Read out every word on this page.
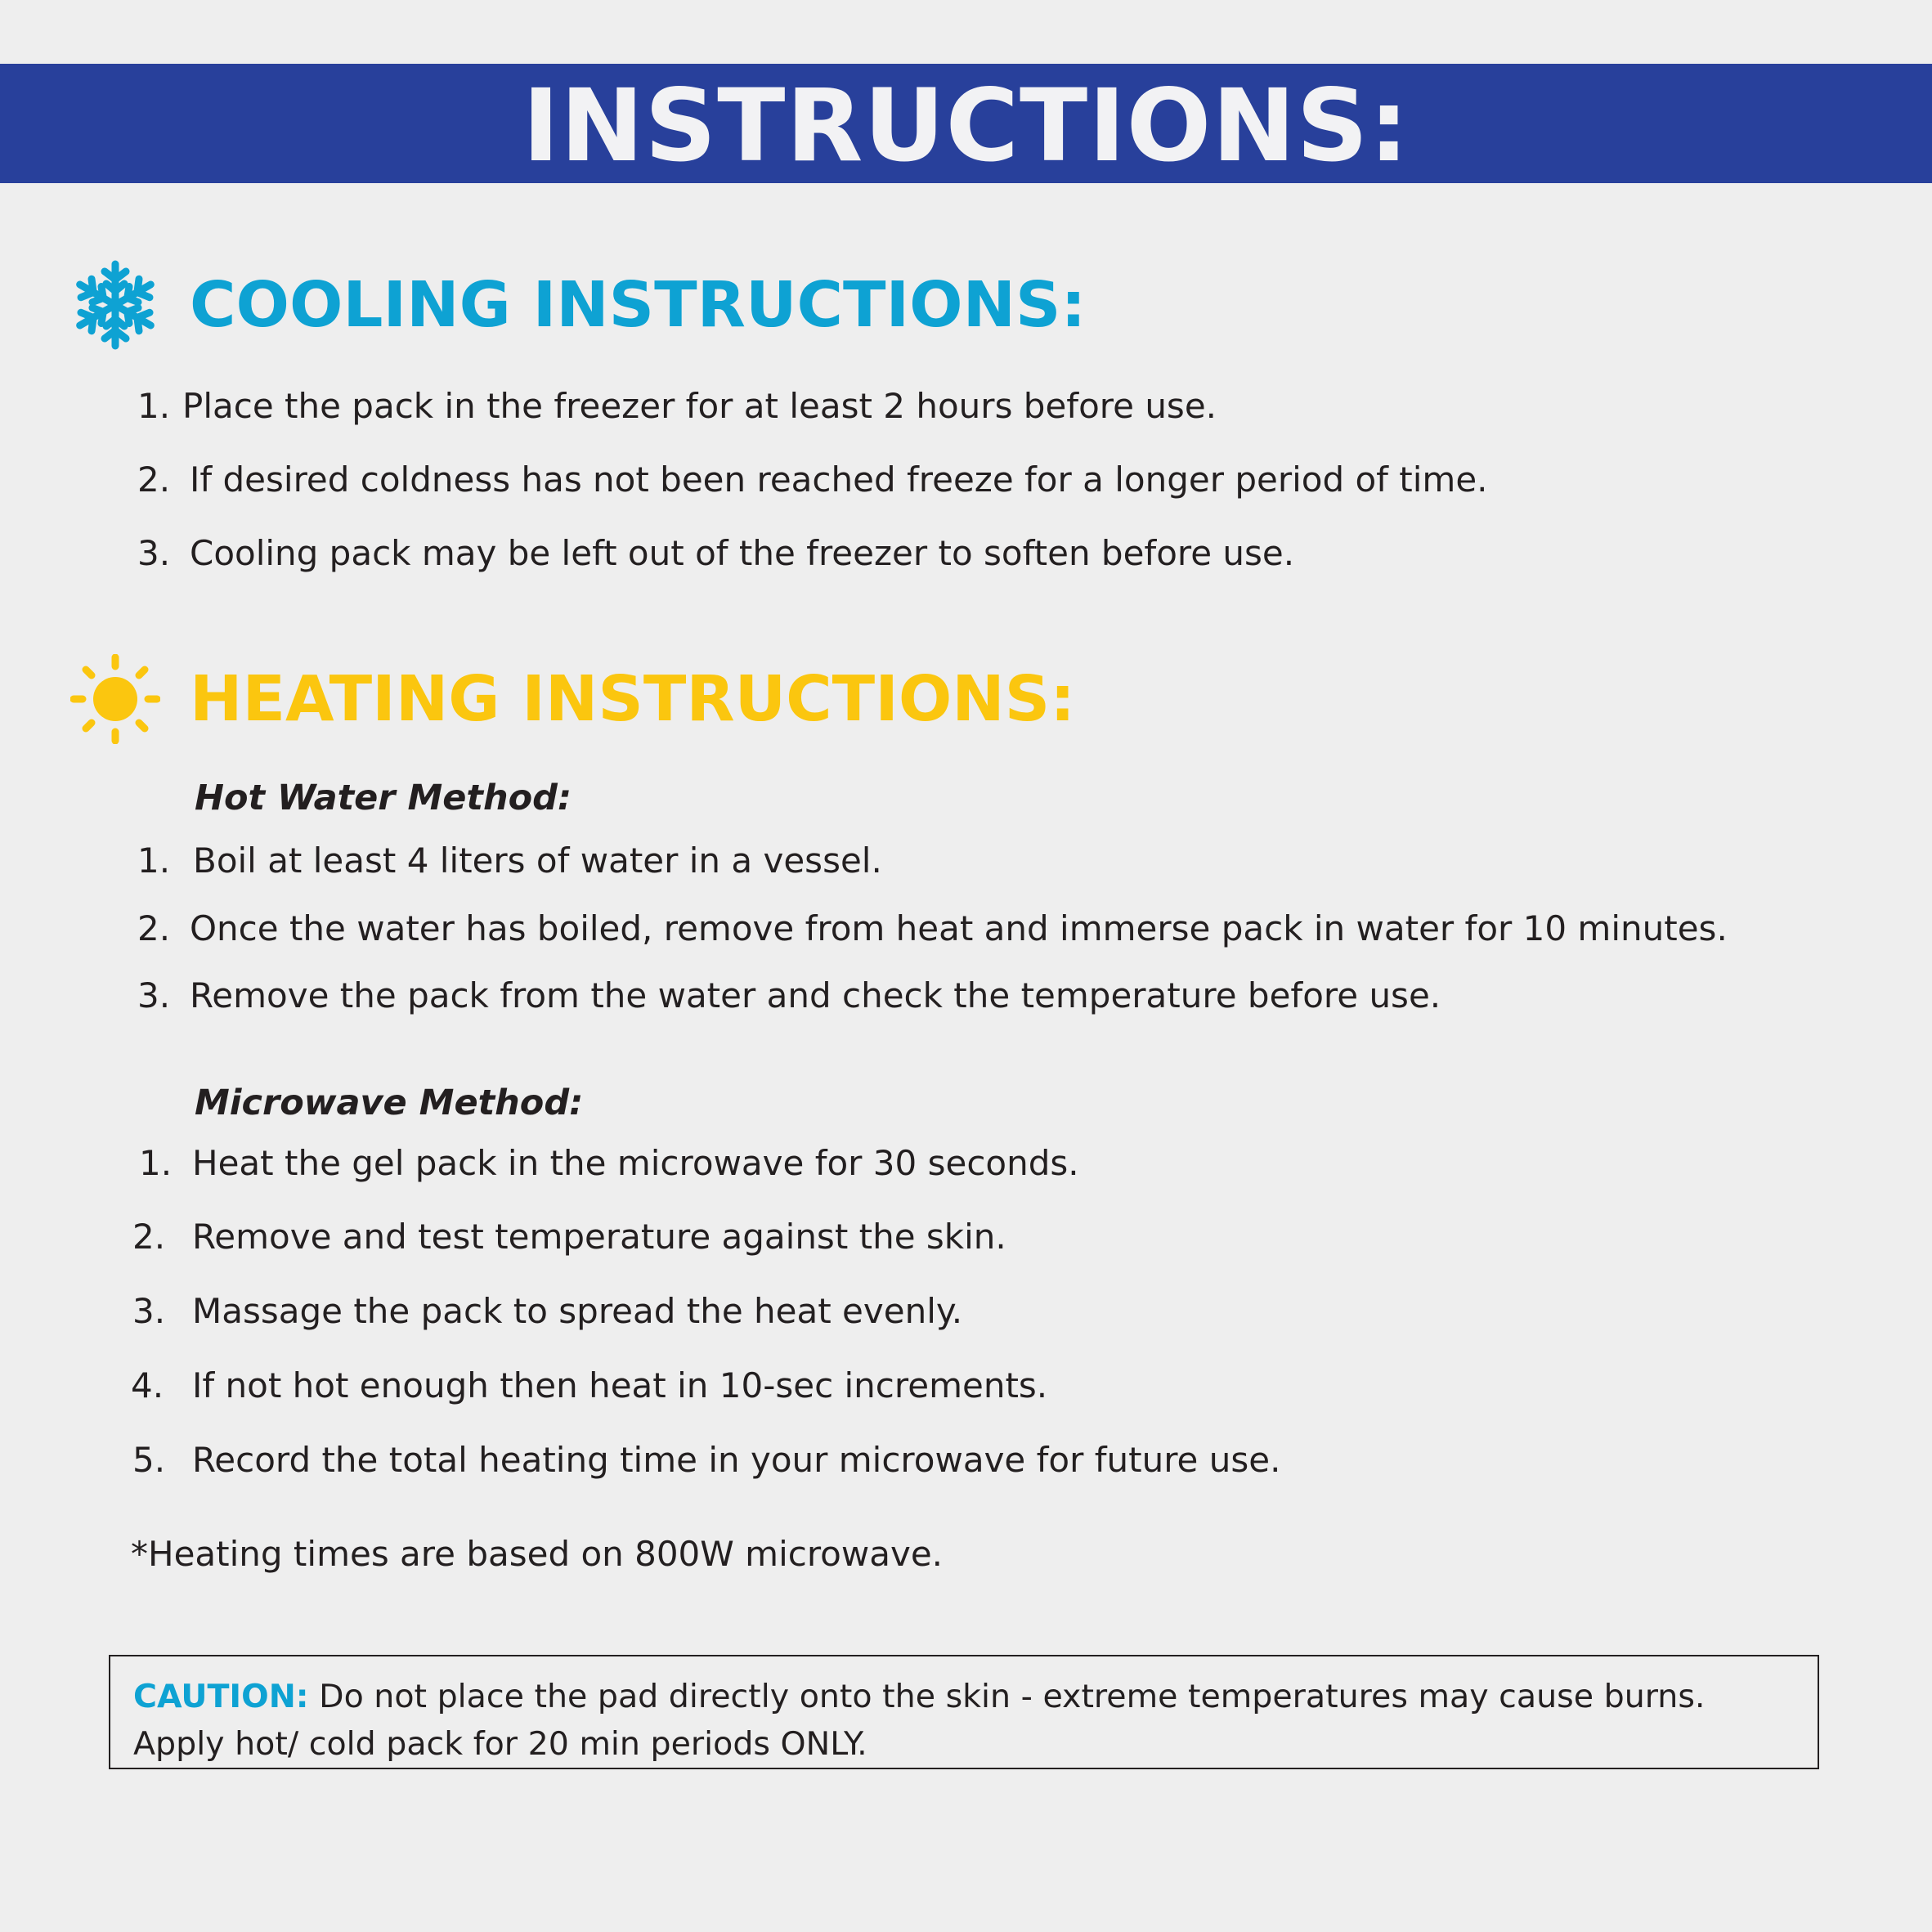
INSTRUCTIONS:
COOLING INSTRUCTIONS:
1. Place the pack in the freezer for at least 2 hours before use.
2. If desired coldness has not been reached freeze for a longer period of time.
3. Cooling pack may be left out of the freezer to soften before use.
HEATING INSTRUCTIONS:
Hot Water Method:
1. Boil at least 4 liters of water in a vessel.
2. Once the water has boiled, remove from heat and immerse pack in water for 10 minutes.
3. Remove the pack from the water and check the temperature before use.
Microwave Method:
1. Heat the gel pack in the microwave for 30 seconds.
2. Remove and test temperature against the skin.
3. Massage the pack to spread the heat evenly.
4. If not hot enough then heat in 10-sec increments.
5. Record the total heating time in your microwave for future use.
*Heating times are based on 800W microwave.
CAUTION: Do not place the pad directly onto the skin - extreme temperatures may cause burns.
Apply hot/ cold pack for 20 min periods ONLY.
